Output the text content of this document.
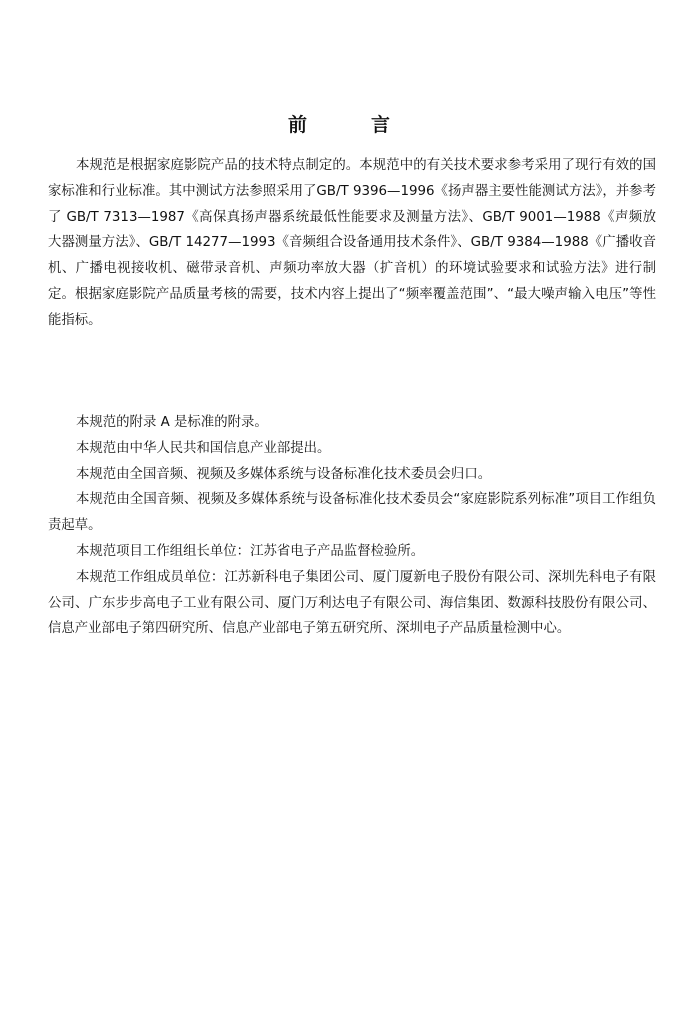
前言

本规范是根据家庭影院产品的技术特点制定的。本规范中的有关技术要求参考采用了现行有效的国家标准和行业标准。其中测试方法参照采用了GB/T 9396—1996《扬声器主要性能测试方法》，并参考了 GB/T 7313—1987《高保真扬声器系统最低性能要求及测量方法》、GB/T 9001—1988《声频放大器测量方法》、GB/T 14277—1993《音频组合设备通用技术条件》、GB/T 9384—1988《广播收音机、广播电视接收机、磁带录音机、声频功率放大器（扩音机）的环境试验要求和试验方法》进行制定。根据家庭影院产品质量考核的需要，技术内容上提出了“频率覆盖范围”、“最大噪声输入电压”等性能指标。

本规范的附录 A 是标准的附录。

本规范由中华人民共和国信息产业部提出。

本规范由全国音频、视频及多媒体系统与设备标准化技术委员会归口。

本规范由全国音频、视频及多媒体系统与设备标准化技术委员会“家庭影院系列标准”项目工作组负责起草。

本规范项目工作组组长单位：江苏省电子产品监督检验所。

本规范工作组成员单位：江苏新科电子集团公司、厦门厦新电子股份有限公司、深圳先科电子有限公司、广东步步高电子工业有限公司、厦门万利达电子有限公司、海信集团、数源科技股份有限公司、信息产业部电子第四研究所、信息产业部电子第五研究所、深圳电子产品质量检测中心。
